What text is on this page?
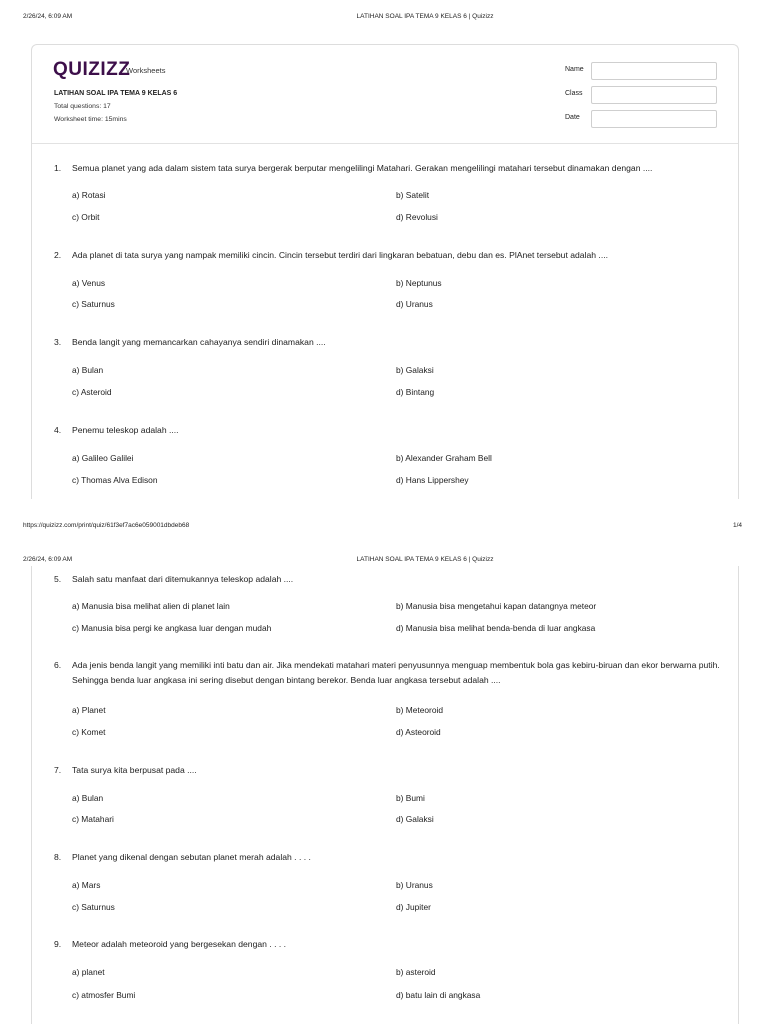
2/26/24, 6:09 AM	LATIHAN SOAL IPA TEMA 9 KELAS 6 | Quizizz
QUIZIZZ
Worksheets
LATIHAN SOAL IPA TEMA 9 KELAS 6
Total questions: 17
Worksheet time: 15mins
Name
Class
Date
1.	Semua planet yang ada dalam sistem tata surya bergerak berputar mengelilingi Matahari. Gerakan mengelilingi matahari tersebut dinamakan dengan ....
a) Rotasi	b) Satelit
c) Orbit	d) Revolusi
2.	Ada planet di tata surya yang nampak memiliki cincin. Cincin tersebut terdiri dari lingkaran bebatuan, debu dan es. PlAnet tersebut adalah ....
a) Venus	b) Neptunus
c) Saturnus	d) Uranus
3.	Benda langit yang memancarkan cahayanya sendiri dinamakan ....
a) Bulan	b) Galaksi
c) Asteroid	d) Bintang
4.	Penemu teleskop adalah ....
a) Galileo Galilei	b) Alexander Graham Bell
c) Thomas Alva Edison	d) Hans Lippershey
https://quizizz.com/print/quiz/61f3ef7ac6e059001dbdeb68	1/4
2/26/24, 6:09 AM	LATIHAN SOAL IPA TEMA 9 KELAS 6 | Quizizz
5.	Salah satu manfaat dari ditemukannya teleskop adalah ....
a) Manusia bisa melihat alien di planet lain	b) Manusia bisa mengetahui kapan datangnya meteor
c) Manusia bisa pergi ke angkasa luar dengan mudah	d) Manusia bisa melihat benda-benda di luar angkasa
6.	Ada jenis benda langit yang memiliki inti batu dan air. Jika mendekati matahari materi penyusunnya menguap membentuk bola gas kebiru-biruan dan ekor berwarna putih. Sehingga benda luar angkasa ini sering disebut dengan bintang berekor. Benda luar angkasa tersebut adalah ....
a) Planet	b) Meteoroid
c) Komet	d) Asteoroid
7.	Tata surya kita berpusat pada ....
a) Bulan	b) Bumi
c) Matahari	d) Galaksi
8.	Planet yang dikenal dengan sebutan planet merah adalah . . . .
a) Mars	b) Uranus
c) Saturnus	d) Jupiter
9.	Meteor adalah meteoroid yang bergesekan dengan . . . .
a) planet	b) asteroid
c) atmosfer Bumi	d) batu lain di angkasa
